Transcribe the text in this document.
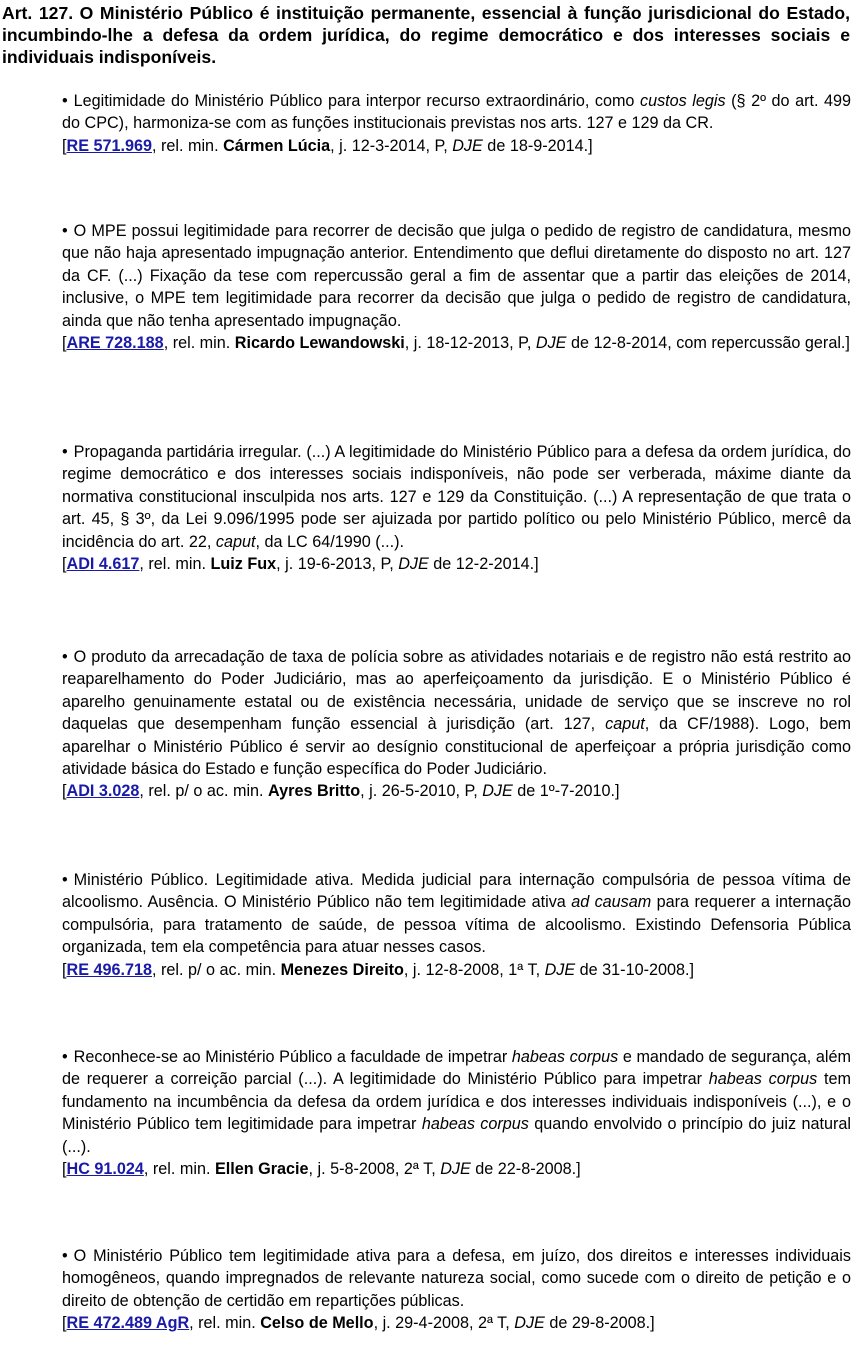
Art. 127. O Ministério Público é instituição permanente, essencial à função jurisdicional do Estado, incumbindo-lhe a defesa da ordem jurídica, do regime democrático e dos interesses sociais e individuais indisponíveis.

• Legitimidade do Ministério Público para interpor recurso extraordinário, como custos legis (§ 2º do art. 499 do CPC), harmoniza-se com as funções institucionais previstas nos arts. 127 e 129 da CR.

[RE 571.969, rel. min. Cármen Lúcia, j. 12-3-2014, P, DJE de 18-9-2014.]

• O MPE possui legitimidade para recorrer de decisão que julga o pedido de registro de candidatura, mesmo que não haja apresentado impugnação anterior. Entendimento que deflui diretamente do disposto no art. 127 da CF. (...) Fixação da tese com repercussão geral a fim de assentar que a partir das eleições de 2014, inclusive, o MPE tem legitimidade para recorrer da decisão que julga o pedido de registro de candidatura, ainda que não tenha apresentado impugnação.

[ARE 728.188, rel. min. Ricardo Lewandowski, j. 18-12-2013, P, DJE de 12-8-2014, com repercussão geral.]

• Propaganda partidária irregular. (...) A legitimidade do Ministério Público para a defesa da ordem jurídica, do regime democrático e dos interesses sociais indisponíveis, não pode ser verberada, máxime diante da normativa constitucional insculpida nos arts. 127 e 129 da Constituição. (...) A representação de que trata o art. 45, § 3º, da Lei 9.096/1995 pode ser ajuizada por partido político ou pelo Ministério Público, mercê da incidência do art. 22, caput, da LC 64/1990 (...).

[ADI 4.617, rel. min. Luiz Fux, j. 19-6-2013, P, DJE de 12-2-2014.]

• O produto da arrecadação de taxa de polícia sobre as atividades notariais e de registro não está restrito ao reaparelhamento do Poder Judiciário, mas ao aperfeiçoamento da jurisdição. E o Ministério Público é aparelho genuinamente estatal ou de existência necessária, unidade de serviço que se inscreve no rol daquelas que desempenham função essencial à jurisdição (art. 127, caput, da CF/1988). Logo, bem aparelhar o Ministério Público é servir ao desígnio constitucional de aperfeiçoar a própria jurisdição como atividade básica do Estado e função específica do Poder Judiciário.

[ADI 3.028, rel. p/ o ac. min. Ayres Britto, j. 26-5-2010, P, DJE de 1º-7-2010.]

• Ministério Público. Legitimidade ativa. Medida judicial para internação compulsória de pessoa vítima de alcoolismo. Ausência. O Ministério Público não tem legitimidade ativa ad causam para requerer a internação compulsória, para tratamento de saúde, de pessoa vítima de alcoolismo. Existindo Defensoria Pública organizada, tem ela competência para atuar nesses casos.

[RE 496.718, rel. p/ o ac. min. Menezes Direito, j. 12-8-2008, 1ª T, DJE de 31-10-2008.]

• Reconhece-se ao Ministério Público a faculdade de impetrar habeas corpus e mandado de segurança, além de requerer a correição parcial (...). A legitimidade do Ministério Público para impetrar habeas corpus tem fundamento na incumbência da defesa da ordem jurídica e dos interesses individuais indisponíveis (...), e o Ministério Público tem legitimidade para impetrar habeas corpus quando envolvido o princípio do juiz natural (...).

[HC 91.024, rel. min. Ellen Gracie, j. 5-8-2008, 2ª T, DJE de 22-8-2008.]

• O Ministério Público tem legitimidade ativa para a defesa, em juízo, dos direitos e interesses individuais homogêneos, quando impregnados de relevante natureza social, como sucede com o direito de petição e o direito de obtenção de certidão em repartições públicas.

[RE 472.489 AgR, rel. min. Celso de Mello, j. 29-4-2008, 2ª T, DJE de 29-8-2008.]
